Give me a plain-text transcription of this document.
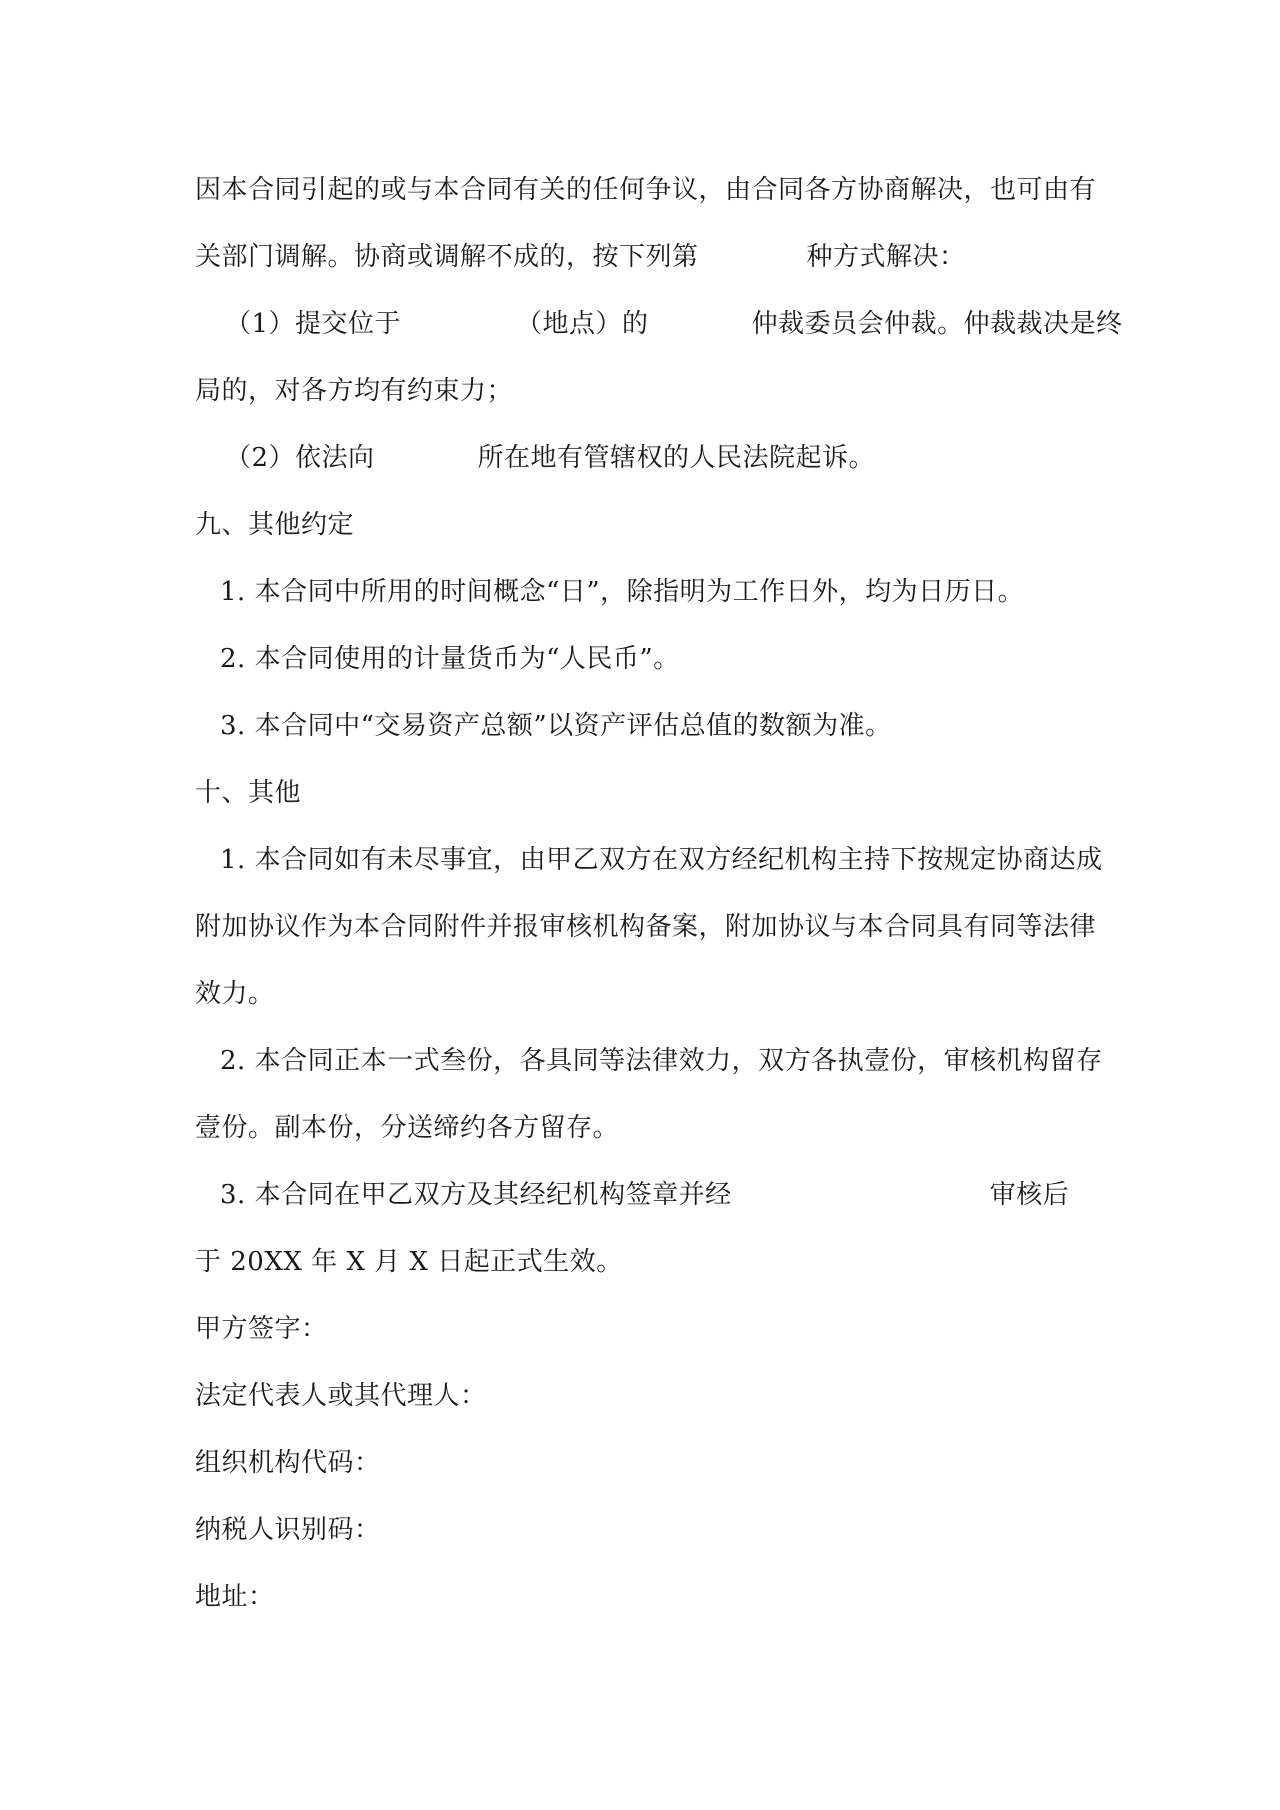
因本合同引起的或与本合同有关的任何争议，由合同各方协商解决，也可由有
关部门调解。协商或调解不成的，按下列第	种方式解决：
（1）提交位于	（地点）的	仲裁委员会仲裁。仲裁裁决是终
局的，对各方均有约束力；
（2）依法向	所在地有管辖权的人民法院起诉。
九、其他约定
1. 本合同中所用的时间概念“日”，除指明为工作日外，均为日历日。
2. 本合同使用的计量货币为“人民币”。
3. 本合同中“交易资产总额”以资产评估总值的数额为准。
十、其他
1. 本合同如有未尽事宜，由甲乙双方在双方经纪机构主持下按规定协商达成
附加协议作为本合同附件并报审核机构备案，附加协议与本合同具有同等法律
效力。
2. 本合同正本一式叁份，各具同等法律效力，双方各执壹份，审核机构留存
壹份。副本份，分送缔约各方留存。
3. 本合同在甲乙双方及其经纪机构签章并经	审核后
于 20XX 年 X 月 X 日起正式生效。
甲方签字：
法定代表人或其代理人：
组织机构代码：
纳税人识别码：
地址：
